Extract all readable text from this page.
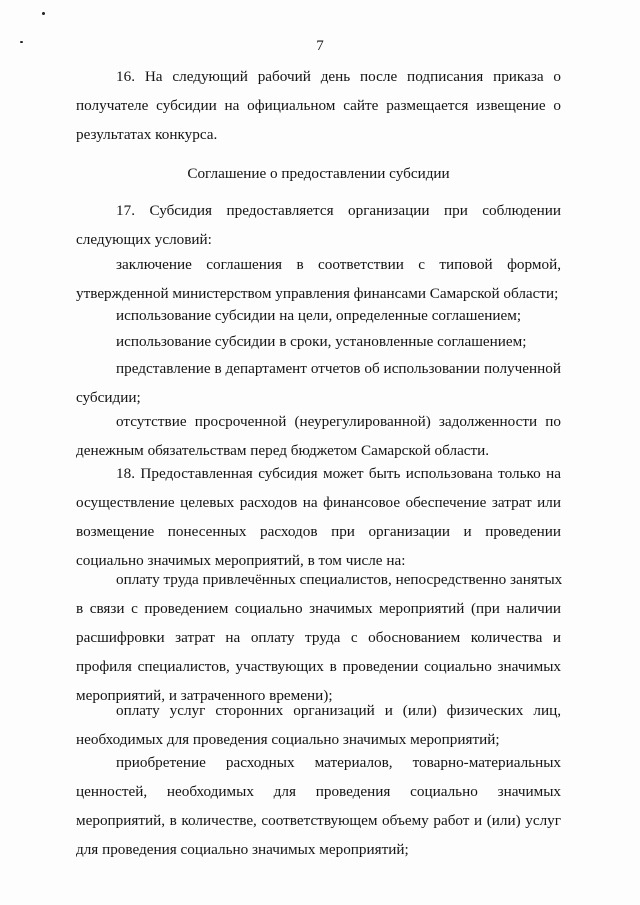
7
16. На следующий рабочий день после подписания приказа о
получателе субсидии на официальном сайте размещается извещение о
результатах конкурса.
Соглашение о предоставлении субсидии
17. Субсидия предоставляется организации при соблюдении
следующих условий:
заключение соглашения в соответствии с типовой формой,
утвержденной министерством управления финансами Самарской области;
использование субсидии на цели, определенные соглашением;
использование субсидии в сроки, установленные соглашением;
представление в департамент отчетов об использовании полученной
субсидии;
отсутствие просроченной (неурегулированной) задолженности по
денежным обязательствам перед бюджетом Самарской области.
18. Предоставленная субсидия может быть использована только на
осуществление целевых расходов на финансовое обеспечение затрат или
возмещение понесенных расходов при организации и проведении
социально значимых мероприятий, в том числе на:
оплату труда привлечённых специалистов, непосредственно занятых
в связи с проведением социально значимых мероприятий (при наличии
расшифровки затрат на оплату труда с обоснованием количества и
профиля специалистов, участвующих в проведении социально значимых
мероприятий, и затраченного времени);
оплату услуг сторонних организаций и (или) физических лиц,
необходимых для проведения социально значимых мероприятий;
приобретение расходных материалов, товарно-материальных
ценностей, необходимых для проведения социально значимых
мероприятий, в количестве, соответствующем объему работ и (или) услуг
для проведения социально значимых мероприятий;
